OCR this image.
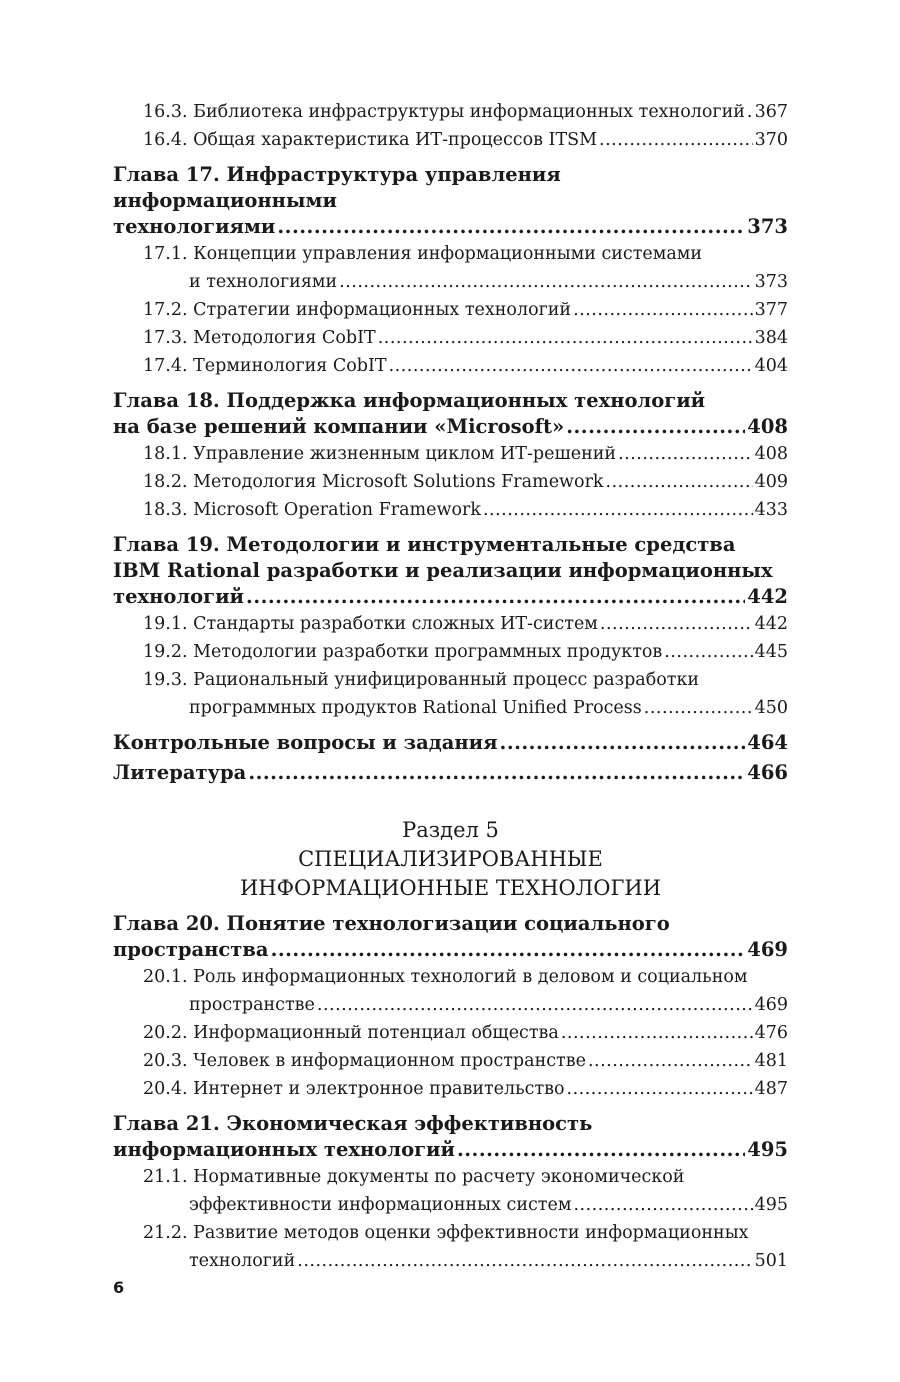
16.3. Библиотека инфраструктуры информационных технологий ..... 367
16.4. Общая характеристика ИТ-процессов ITSM .....	370
Глава 17. Инфраструктура управления информационными
технологиями .....	373
17.1. Концепции управления информационными системами
и технологиями .....	373
17.2. Стратегии информационных технологий .....	377
17.3. Методология CobIT .....	384
17.4. Терминология CobIT .....	404
Глава 18. Поддержка информационных технологий
на базе решений компании «Microsoft» .....	408
18.1. Управление жизненным циклом ИТ-решений .....	408
18.2. Методология Microsoft Solutions Framework .....	409
18.3. Microsoft Operation Framework .....	433
Глава 19. Методологии и инструментальные средства
IBM Rational разработки и реализации информационных
технологий .....	442
19.1. Стандарты разработки сложных ИТ-систем .....	442
19.2. Методологии разработки программных продуктов .....	445
19.3. Рациональный унифицированный процесс разработки
программных продуктов Rational Unified Process .....	450
Контрольные вопросы и задания .....	464
Литература .....	466
Раздел 5
СПЕЦИАЛИЗИРОВАННЫЕ
ИНФОРМАЦИОННЫЕ ТЕХНОЛОГИИ
Глава 20. Понятие технологизации социального
пространства .....	469
20.1. Роль информационных технологий в деловом и социальном
пространстве .....	469
20.2. Информационный потенциал общества .....	476
20.3. Человек в информационном пространстве .....	481
20.4. Интернет и электронное правительство .....	487
Глава 21. Экономическая эффективность
информационных технологий .....	495
21.1. Нормативные документы по расчету экономической
эффективности информационных систем .....	495
21.2. Развитие методов оценки эффективности информационных
технологий .....	501
6
